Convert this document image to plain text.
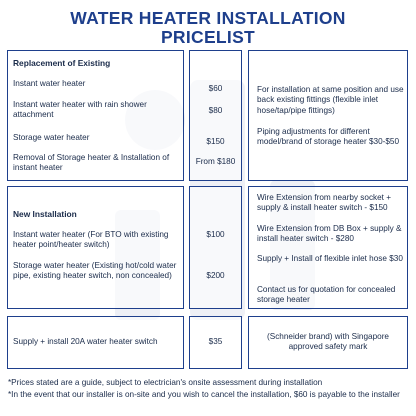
WATER HEATER INSTALLATION
PRICELIST
Replacement of Existing
Instant water heater
Instant water heater with rain shower attachment
Storage water heater
Removal of Storage heater & Installation of instant heater
$60
$80
$150
From $180
For installation at same position and use back existing fittings (flexible inlet hose/tap/pipe fittings)
Piping adjustments for different model/brand of storage heater $30-$50
New Installation
Instant water heater (For BTO with existing heater point/heater switch)
Storage water heater (Existing hot/cold water pipe, existing heater switch, non concealed)
$100
$200
Wire Extension from nearby socket + supply & install heater switch - $150
Wire Extension from DB Box + supply & install heater switch - $280
Supply + Install of flexible inlet hose $30
Contact us for quotation for concealed storage heater
Supply + install 20A water heater switch	$35
(Schneider brand) with Singapore approved safety mark
*Prices stated are a guide, subject to electrician's onsite assessment during installation
*In the event that our installer is on-site and you wish to cancel the installation, $60 is payable to the installer
